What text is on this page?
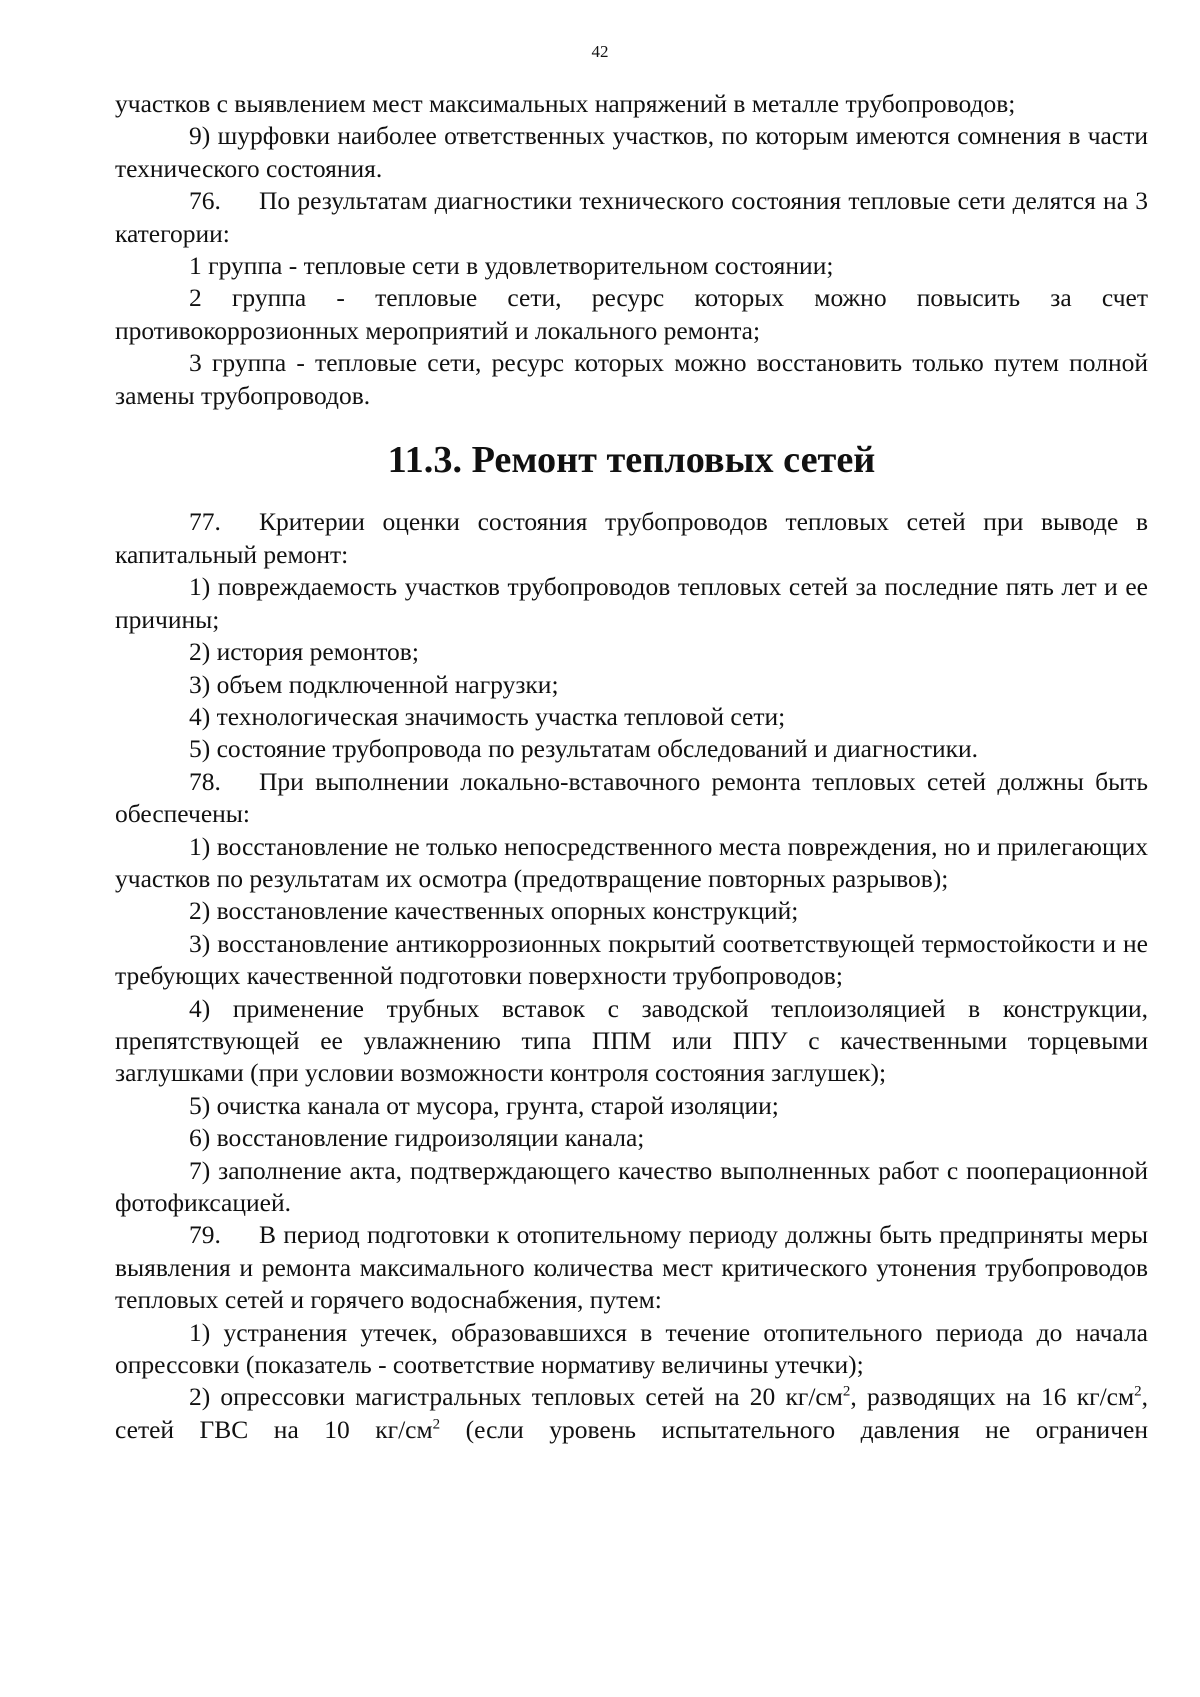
42

участков с выявлением мест максимальных напряжений в металле трубопроводов;

9) шурфовки наиболее ответственных участков, по которым имеются сомнения в части технического состояния.

76. По результатам диагностики технического состояния тепловые сети делятся на 3 категории:

1 группа - тепловые сети в удовлетворительном состоянии;

2 группа - тепловые сети, ресурс которых можно повысить за счет противокоррозионных мероприятий и локального ремонта;

3 группа - тепловые сети, ресурс которых можно восстановить только путем полной замены трубопроводов.

11.3. Ремонт тепловых сетей

77. Критерии оценки состояния трубопроводов тепловых сетей при выводе в капитальный ремонт:

1) повреждаемость участков трубопроводов тепловых сетей за последние пять лет и ее причины;

2) история ремонтов;

3) объем подключенной нагрузки;

4) технологическая значимость участка тепловой сети;

5) состояние трубопровода по результатам обследований и диагностики.

78. При выполнении локально-вставочного ремонта тепловых сетей должны быть обеспечены:

1) восстановление не только непосредственного места повреждения, но и прилегающих участков по результатам их осмотра (предотвращение повторных разрывов);

2) восстановление качественных опорных конструкций;

3) восстановление антикоррозионных покрытий соответствующей термостойкости и не требующих качественной подготовки поверхности трубопроводов;

4) применение трубных вставок с заводской теплоизоляцией в конструкции, препятствующей ее увлажнению типа ППМ или ППУ с качественными торцевыми заглушками (при условии возможности контроля состояния заглушек);

5) очистка канала от мусора, грунта, старой изоляции;

6) восстановление гидроизоляции канала;

7) заполнение акта, подтверждающего качество выполненных работ с пооперационной фотофиксацией.

79. В период подготовки к отопительному периоду должны быть предприняты меры выявления и ремонта максимального количества мест критического утонения трубопроводов тепловых сетей и горячего водоснабжения, путем:

1) устранения утечек, образовавшихся в течение отопительного периода до начала опрессовки (показатель - соответствие нормативу величины утечки);

2) опрессовки магистральных тепловых сетей на 20 $кг/см^2$, разводящих на 16 $кг/см^2$, сетей ГВС на 10 $кг/см^2$ (если уровень испытательного давления не ограничен
